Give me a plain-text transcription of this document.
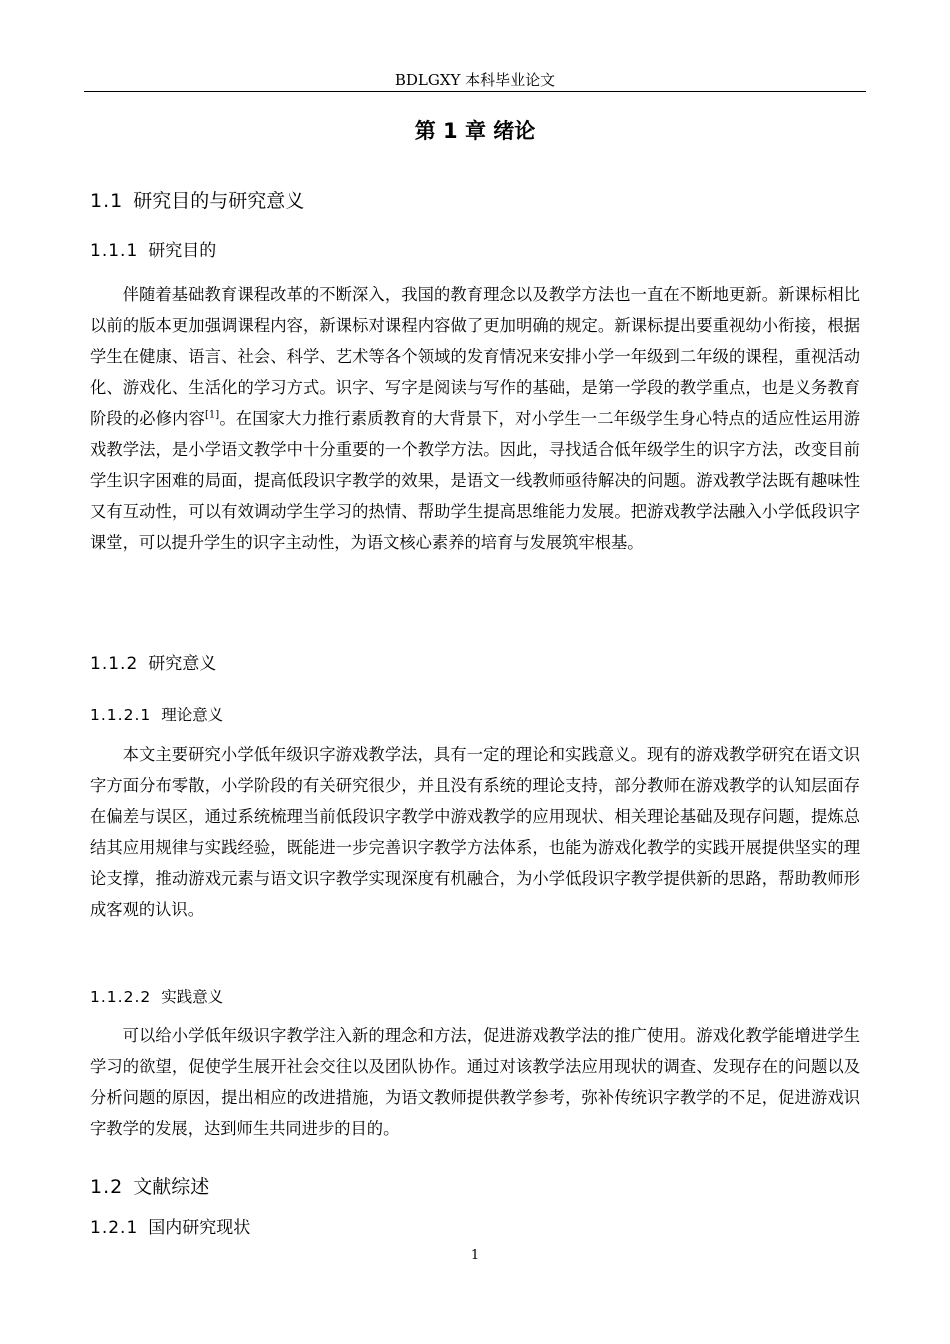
BDLGXY 本科毕业论文
第 1 章 绪论
1.1 研究目的与研究意义
1.1.1 研究目的

伴随着基础教育课程改革的不断深入，我国的教育理念以及教学方法也一直在不断地更新。新课标相比以前的版本更加强调课程内容，新课标对课程内容做了更加明确的规定。新课标提出要重视幼小衔接，根据学生在健康、语言、社会、科学、艺术等各个领域的发育情况来安排小学一年级到二年级的课程，重视活动化、游戏化、生活化的学习方式。识字、写字是阅读与写作的基础，是第一学段的教学重点，也是义务教育阶段的必修内容[1]。在国家大力推行素质教育的大背景下，对小学生一二年级学生身心特点的适应性运用游戏教学法，是小学语文教学中十分重要的一个教学方法。因此，寻找适合低年级学生的识字方法，改变目前学生识字困难的局面，提高低段识字教学的效果，是语文一线教师亟待解决的问题。游戏教学法既有趣味性又有互动性，可以有效调动学生学习的热情、帮助学生提高思维能力发展。把游戏教学法融入小学低段识字课堂，可以提升学生的识字主动性，为语文核心素养的培育与发展筑牢根基。

1.1.2 研究意义
1.1.2.1 理论意义

本文主要研究小学低年级识字游戏教学法，具有一定的理论和实践意义。现有的游戏教学研究在语文识字方面分布零散，小学阶段的有关研究很少，并且没有系统的理论支持，部分教师在游戏教学的认知层面存在偏差与误区，通过系统梳理当前低段识字教学中游戏教学的应用现状、相关理论基础及现存问题，提炼总结其应用规律与实践经验，既能进一步完善识字教学方法体系，也能为游戏化教学的实践开展提供坚实的理论支撑，推动游戏元素与语文识字教学实现深度有机融合，为小学低段识字教学提供新的思路，帮助教师形成客观的认识。

1.1.2.2 实践意义

可以给小学低年级识字教学注入新的理念和方法，促进游戏教学法的推广使用。游戏化教学能增进学生学习的欲望，促使学生展开社会交往以及团队协作。通过对该教学法应用现状的调查、发现存在的问题以及分析问题的原因，提出相应的改进措施，为语文教师提供教学参考，弥补传统识字教学的不足，促进游戏识字教学的发展，达到师生共同进步的目的。

1.2 文献综述
1.2.1 国内研究现状
1
